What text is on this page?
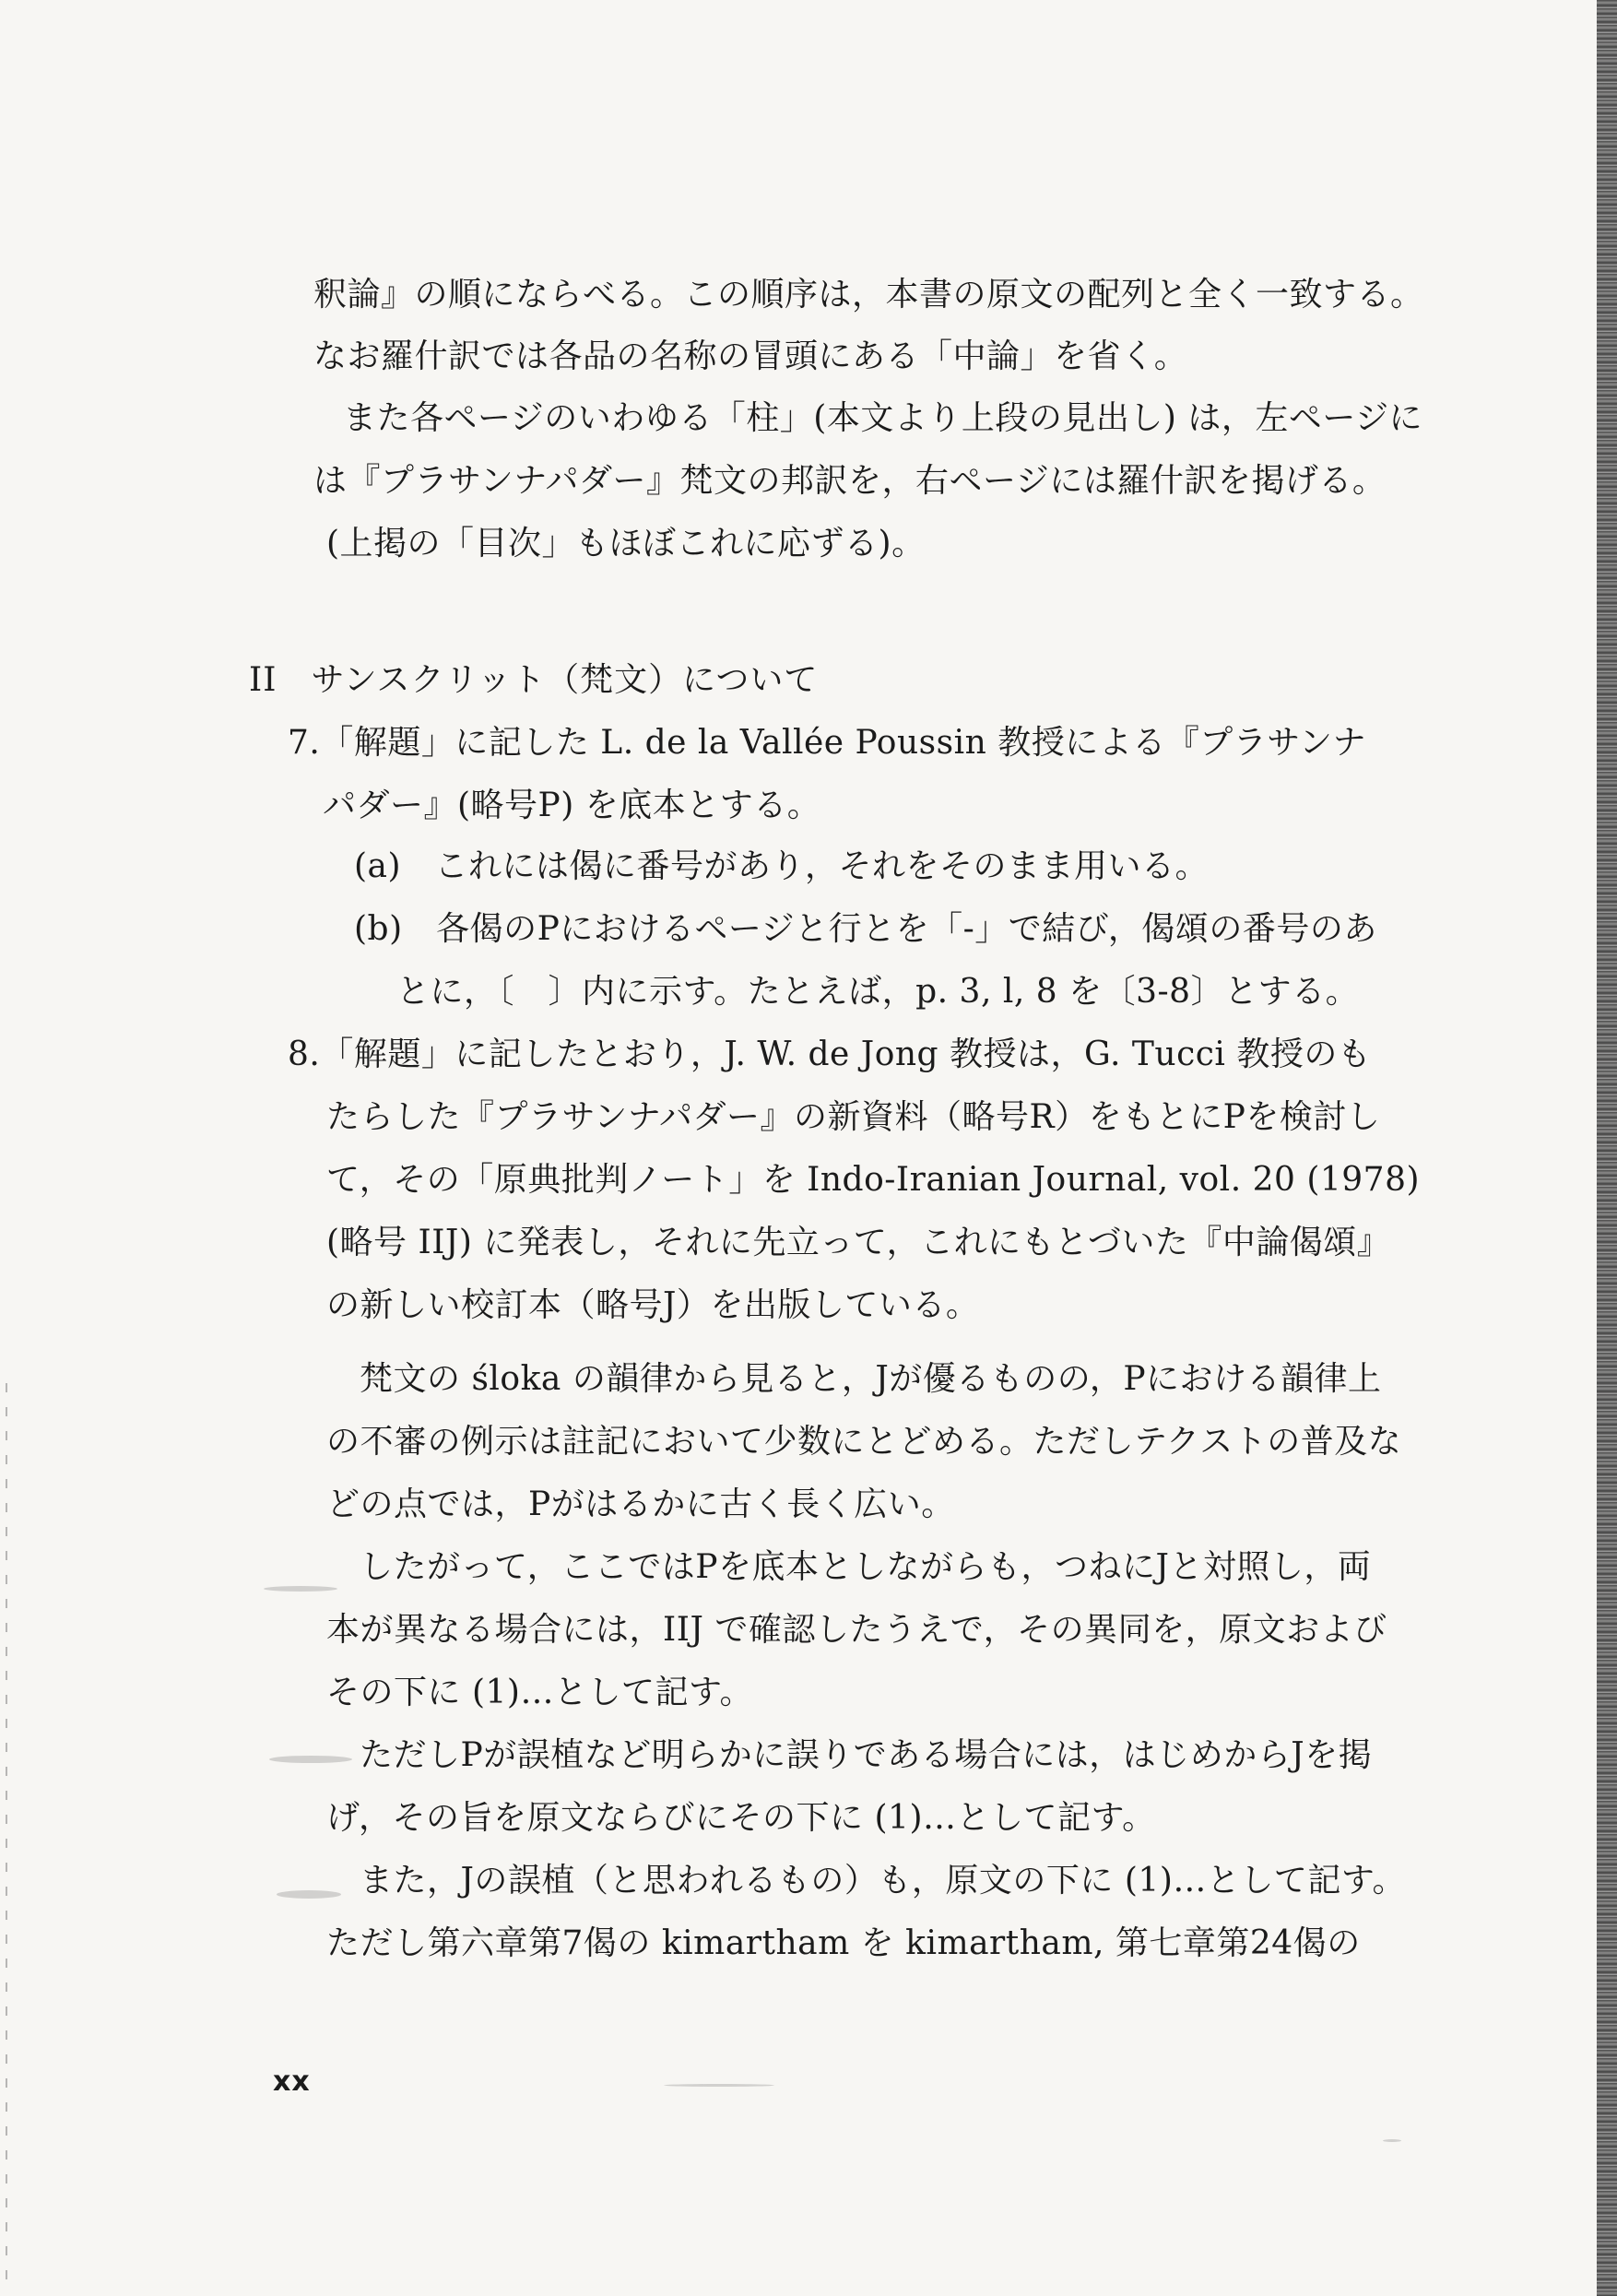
釈論』の順にならべる。この順序は，本書の原文の配列と全く一致する。
なお羅什訳では各品の名称の冒頭にある「中論」を省く。
また各ページのいわゆる「柱」(本文より上段の見出し) は，左ページに
は『プラサンナパダー』梵文の邦訳を，右ページには羅什訳を掲げる。
(上掲の「目次」もほぼこれに応ずる)。
II　サンスクリット（梵文）について
7.「解題」に記した L. de la Vallée Poussin 教授による『プラサンナ
パダー』(略号P) を底本とする。
(a)　これには偈に番号があり，それをそのまま用いる。
(b)　各偈のPにおけるページと行とを「-」で結び，偈頌の番号のあ
とに，〔　〕内に示す。たとえば，p. 3, l, 8 を〔3-8〕とする。
8.「解題」に記したとおり，J. W. de Jong 教授は，G. Tucci 教授のも
たらした『プラサンナパダー』の新資料（略号R）をもとにPを検討し
て，その「原典批判ノート」を Indo-Iranian Journal, vol. 20 (1978)
(略号 IIJ) に発表し，それに先立って，これにもとづいた『中論偈頌』
の新しい校訂本（略号J）を出版している。
梵文の śloka の韻律から見ると，Jが優るものの，Pにおける韻律上
の不審の例示は註記において少数にとどめる。ただしテクストの普及な
どの点では，Pがはるかに古く長く広い。
したがって，ここではPを底本としながらも，つねにJと対照し，両
本が異なる場合には，IIJ で確認したうえで，その異同を，原文および
その下に (1)…として記す。
ただしPが誤植など明らかに誤りである場合には，はじめからJを掲
げ，その旨を原文ならびにその下に (1)…として記す。
また，Jの誤植（と思われるもの）も，原文の下に (1)…として記す。
ただし第六章第7偈の kimartham を kimartham, 第七章第24偈の
xx
